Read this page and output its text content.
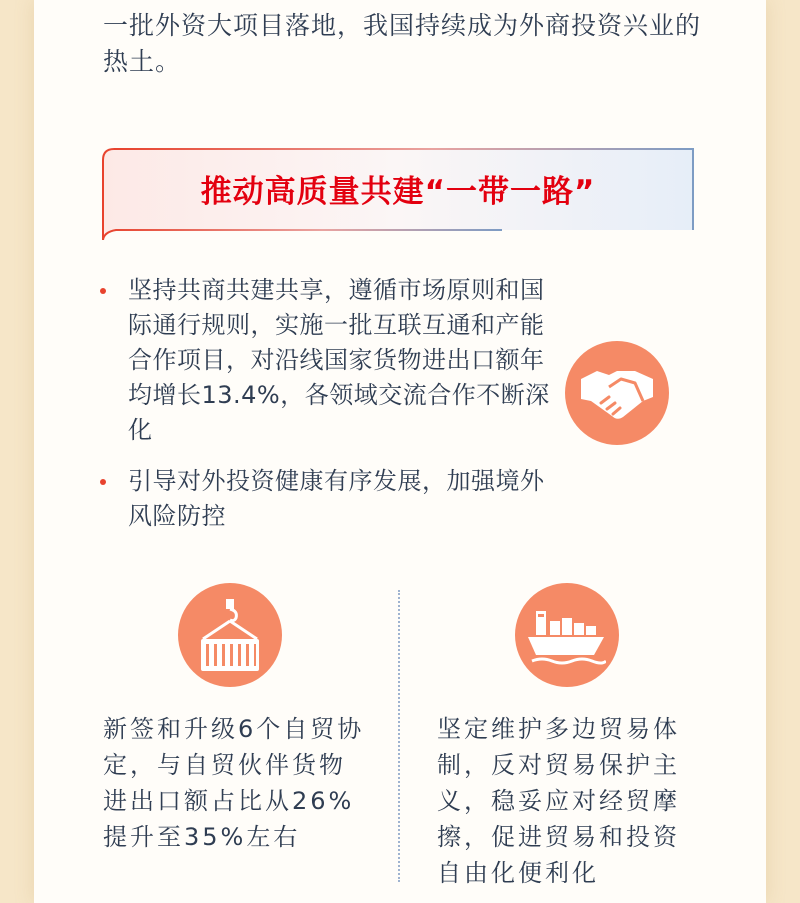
一批外资大项目落地，我国持续成为外商投资兴业的热土。

推动高质量共建“一带一路”
坚持共商共建共享，遵循市场原则和国际通行规则，实施一批互联互通和产能合作项目，对沿线国家货物进出口额年均增长13.4%，各领域交流合作不断深化
引导对外投资健康有序发展，加强境外风险防控

新签和升级6个自贸协定，与自贸伙伴货物进出口额占比从26%提升至35%左右

坚定维护多边贸易体制，反对贸易保护主义，稳妥应对经贸摩擦，促进贸易和投资自由化便利化
